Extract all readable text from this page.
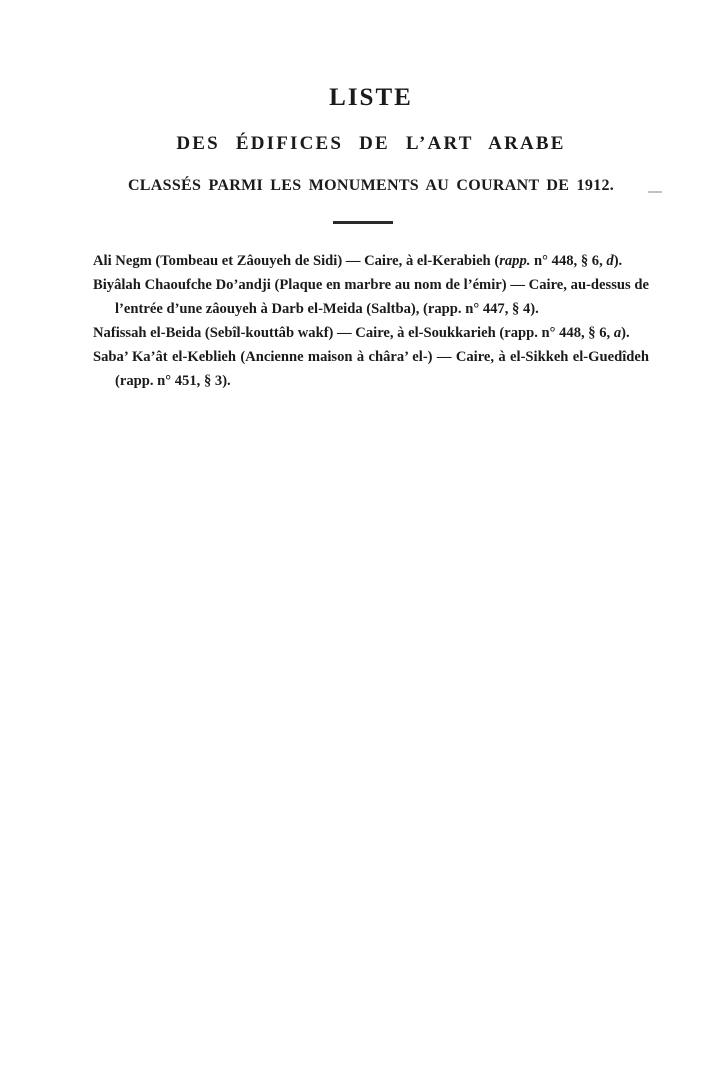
LISTE
DES ÉDIFICES DE L’ART ARABE
CLASSÉS PARMI LES MONUMENTS AU COURANT DE 1912.

Ali Negm (Tombeau et Zâouyeh de Sidi) — Caire, à el-Kerabieh (rapp. n° 448, § 6, d).

Biyâlah Chaoufche Do’andji (Plaque en marbre au nom de l’émir) — Caire, au-dessus de l’entrée d’une zâouyeh à Darb el-Meida (Saltba), (rapp. n° 447, § 4).

Nafissah el-Beida (Sebîl-kouttâb wakf) — Caire, à el-Soukkarieh (rapp. n° 448, § 6, a).

Saba’ Ka’ât el-Keblieh (Ancienne maison à châra’ el-) — Caire, à el-Sikkeh el-Guedîdeh (rapp. n° 451, § 3).
